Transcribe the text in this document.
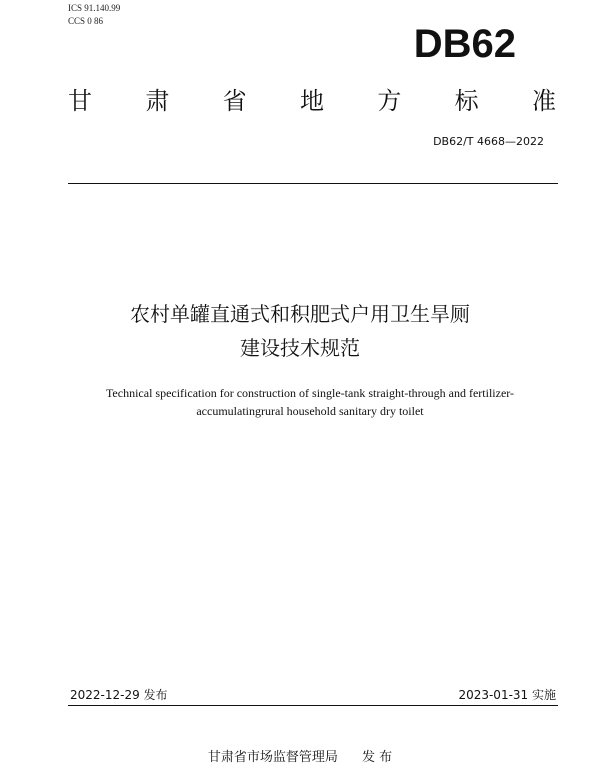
ICS 91.140.99
CCS 0 86
DB62
甘 肃 省 地 方 标 准
DB62/T 4668—2022
农村单罐直通式和积肥式户用卫生旱厕
建设技术规范
Technical specification for construction of single-tank straight-through and fertilizer-
accumulatingrural household sanitary dry toilet
2022-12-29 发布	2023-01-31 实施
甘肃省市场监督管理局 发 布
